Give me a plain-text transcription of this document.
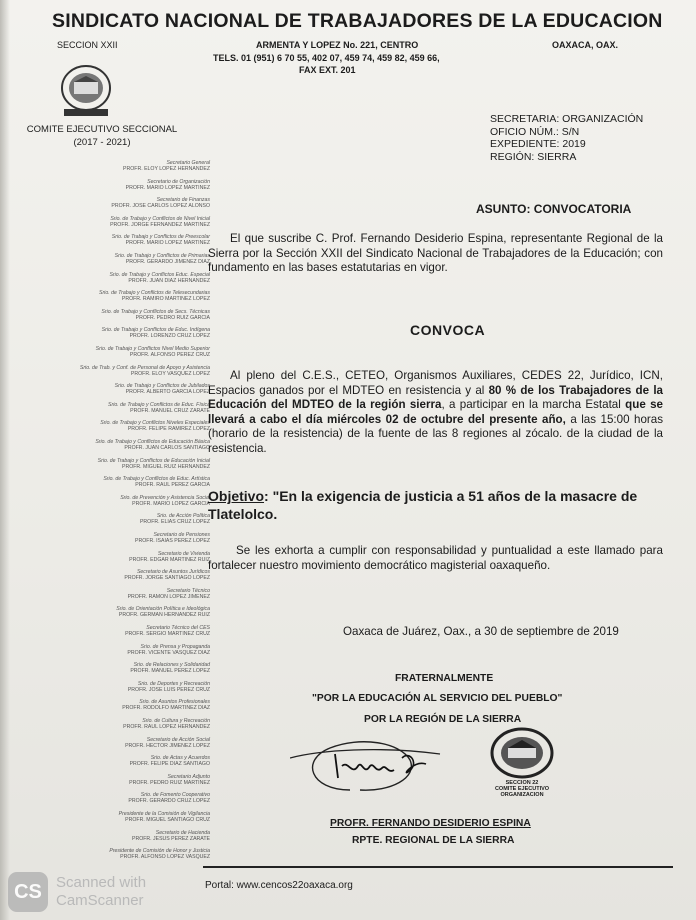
SINDICATO NACIONAL DE TRABAJADORES DE LA EDUCACION
SECCION XXII	ARMENTA Y LOPEZ No. 221, CENTRO	OAXACA, OAX.
TELS. 01 (951) 6 70 55, 402 07, 459 74, 459 82, 459 66,
FAX EXT. 201
COMITE EJECUTIVO SECCIONAL
(2017 - 2021)
Secretario General
PROFR. ELOY LOPEZ HERNANDEZ
Secretario de Organización
PROFR. MARIO LOPEZ MARTINEZ
Secretario de Finanzas
PROFR. JOSE CARLOS LOPEZ ALONSO
Srio. de Trabajo y Conflictos de Nivel Inicial
PROFR. JORGE FERNANDEZ MARTINEZ
Srio. de Trabajo y Conflictos de Preescolar
PROFR. MARIO LOPEZ MARTINEZ
Srio. de Trabajo y Conflictos de Primarias
PROFR. GERARDO JIMENEZ DIAZ
Srio. de Trabajo y Conflictos Educ. Especial
PROFR. JUAN DIAZ HERNANDEZ
Srio. de Trabajo y Conflictos de Telesecundarias
PROFR. RAMIRO MARTINEZ LOPEZ
Srio. de Trabajo y Conflictos de Secs. Técnicas
PROFR. PEDRO RUIZ GARCIA
Srio. de Trabajo y Conflictos de Educ. Indígena
PROFR. LORENZO CRUZ LOPEZ
Srio. de Trabajo y Conflictos Nivel Medio Superior
PROFR. ALFONSO PEREZ CRUZ
Srio. de Trab. y Conf. de Personal de Apoyo y Asistencia
PROFR. ELOY VASQUEZ LOPEZ
Srio. de Trabajo y Conflictos de Jubilados
PROFR. ALBERTO GARCIA LOPEZ
Srio. de Trabajo y Conflictos de Educ. Física
PROFR. MANUEL CRUZ ZARATE
Srio. de Trabajo y Conflictos Niveles Especiales
PROFR. FELIPE RAMIREZ LOPEZ
Srio. de Trabajo y Conflictos de Educación Básica
PROFR. JUAN CARLOS SANTIAGO
Srio. de Trabajo y Conflictos de Educación Inicial
PROFR. MIGUEL RUIZ HERNANDEZ
Srio. de Trabajo y Conflictos de Educ. Artística
PROFR. RAUL PEREZ GARCIA
Srio. de Prevención y Asistencia Social
PROFR. MARIO LOPEZ GARCIA
Srio. de Acción Política
PROFR. ELIAS CRUZ LOPEZ
Secretario de Pensiones
PROFR. ISAIAS PEREZ LOPEZ
Secretario de Vivienda
PROFR. EDGAR MARTINEZ RUIZ
Secretario de Asuntos Jurídicos
PROFR. JORGE SANTIAGO LOPEZ
Secretario Técnico
PROFR. RAMON LOPEZ JIMENEZ
Srio. de Orientación Política e Ideológica
PROFR. GERMAN HERNANDEZ RUIZ
Secretario Técnico del CES
PROFR. SERGIO MARTINEZ CRUZ
Srio. de Prensa y Propaganda
PROFR. VICENTE VASQUEZ DIAZ
Srio. de Relaciones y Solidaridad
PROFR. MANUEL PEREZ LOPEZ
Srio. de Deportes y Recreación
PROFR. JOSE LUIS PEREZ CRUZ
Srio. de Asuntos Profesionales
PROFR. RODOLFO MARTINEZ DIAZ
Srio. de Cultura y Recreación
PROFR. RAUL LOPEZ HERNANDEZ
Secretario de Acción Social
PROFR. HECTOR JIMENEZ LOPEZ
Srio. de Actas y Acuerdos
PROFR. FELIPE DIAZ SANTIAGO
Secretario Adjunto
PROFR. PEDRO RUIZ MARTINEZ
Srio. de Fomento Cooperativo
PROFR. GERARDO CRUZ LOPEZ
Presidente de la Comisión de Vigilancia
PROFR. MIGUEL SANTIAGO CRUZ
Secretario de Hacienda
PROFR. JESUS PEREZ ZARATE
Presidente de Comisión de Honor y Justicia
PROFR. ALFONSO LOPEZ VASQUEZ
SECRETARIA: ORGANIZACIÓN
OFICIO NÚM.: S/N
EXPEDIENTE: 2019
REGIÓN: SIERRA
ASUNTO: CONVOCATORIA
El que suscribe C. Prof. Fernando Desiderio Espina, representante Regional de la Sierra por la Sección XXII del Sindicato Nacional de Trabajadores de la Educación; con fundamento en las bases estatutarias en vigor.
CONVOCA
Al pleno del C.E.S., CETEO, Organismos Auxiliares, CEDES 22, Jurídico, ICN, Espacios ganados por el MDTEO en resistencia y al 80 % de los Trabajadores de la Educación del MDTEO de la región sierra, a participar en la marcha Estatal que se llevará a cabo el día miércoles 02 de octubre del presente año, a las 15:00 horas (horario de la resistencia) de la fuente de las 8 regiones al zócalo. de la ciudad de la resistencia.
Objetivo: "En la exigencia de justicia a 51 años de la masacre de Tlatelolco.
Se les exhorta a cumplir con responsabilidad y puntualidad a este llamado para fortalecer nuestro movimiento democrático magisterial oaxaqueño.
Oaxaca de Juárez, Oax., a 30 de septiembre de 2019
FRATERNALMENTE
"POR LA EDUCACIÓN AL SERVICIO DEL PUEBLO"
POR LA REGIÓN DE LA SIERRA
SECCION 22
COMITE EJECUTIVO
ORGANIZACION
PROFR. FERNANDO DESIDERIO ESPINA
RPTE. REGIONAL DE LA SIERRA
Portal: www.cencos22oaxaca.org
CS Scanned with
CamScanner
